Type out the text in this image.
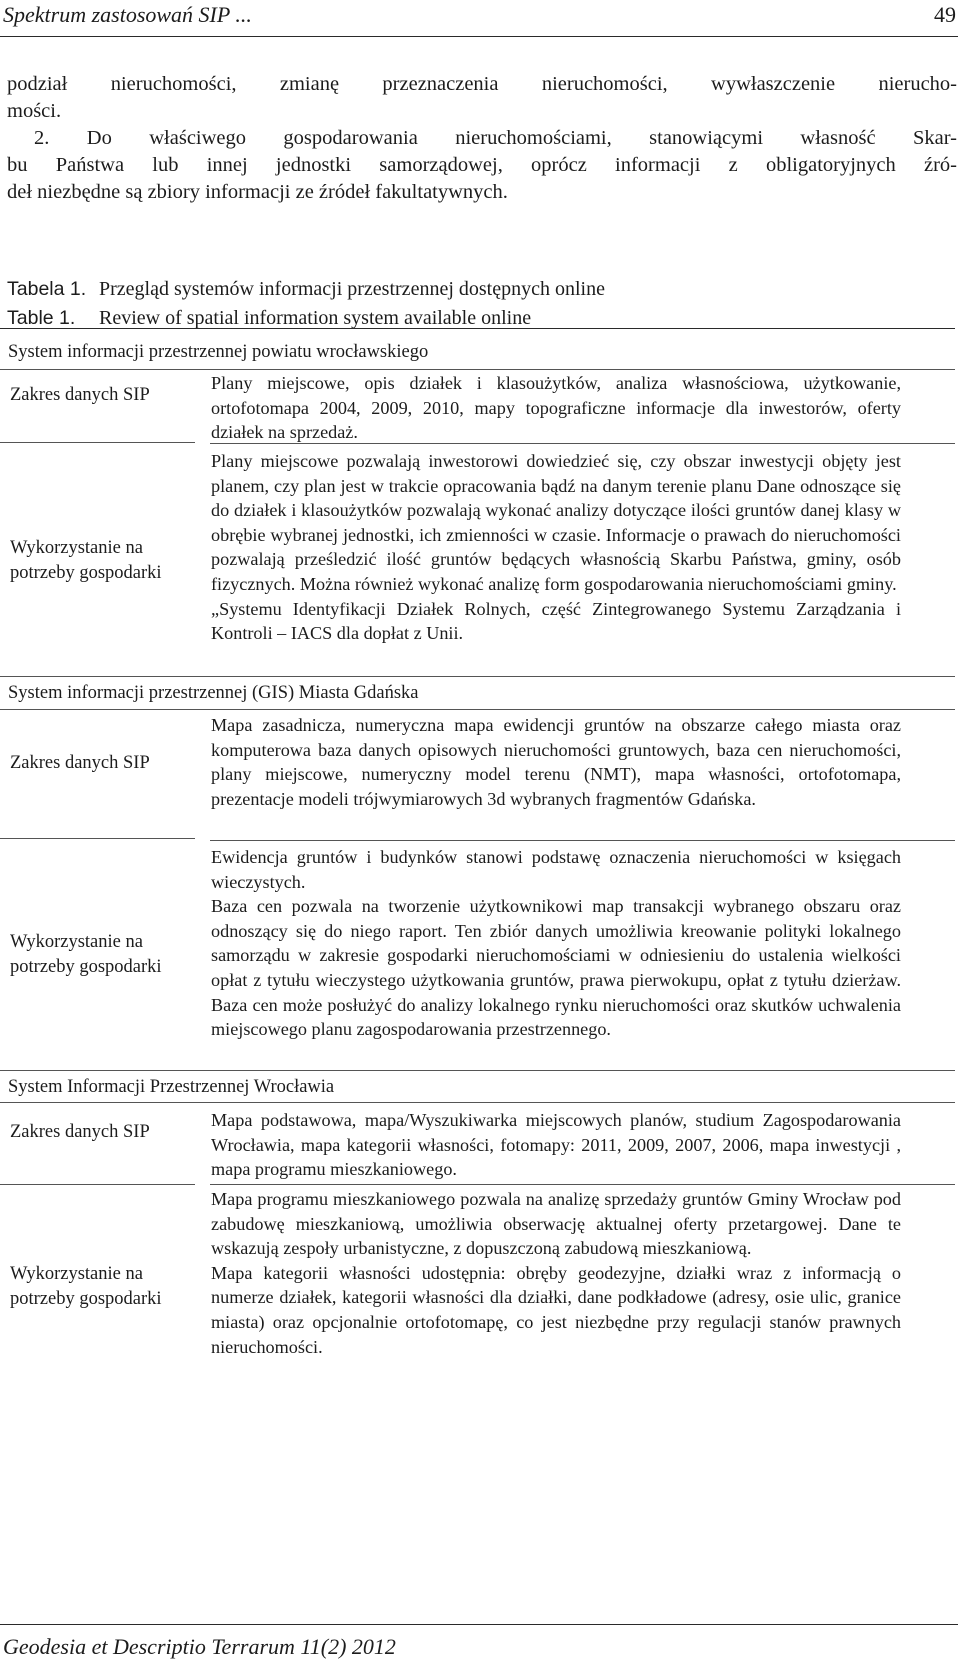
Spektrum zastosowań SIP ...	49

podział nieruchomości, zmianę przeznaczenia nieruchomości, wywłaszczenie nierucho-

mości.

2. Do właściwego gospodarowania nieruchomościami, stanowiącymi własność Skar-

bu Państwa lub innej jednostki samorządowej, oprócz informacji z obligatoryjnych źró-

deł niezbędne są zbiory informacji ze źródeł fakultatywnych.

Tabela 1. Przegląd systemów informacji przestrzennej dostępnych online
Table 1. Review of spatial information system available online
System informacji przestrzennej powiatu wrocławskiego
Zakres danych SIP
Plany miejscowe, opis działek i klasoużytków, analiza własnościowa, użytkowanie, ortofotomapa 2004, 2009, 2010, mapy topograficzne informacje dla inwestorów, oferty działek na sprzedaż.
Wykorzystanie na potrzeby gospodarki

Plany miejscowe pozwalają inwestorowi dowiedzieć się, czy obszar inwestycji objęty jest planem, czy plan jest w trakcie opracowania bądź na danym terenie planu Dane odnoszące się do działek i klasoużytków pozwalają wykonać analizy dotyczące ilości gruntów danej klasy w obrębie wybranej jednostki, ich zmienności w czasie. Informacje o prawach do nieruchomości pozwalają prześledzić ilość gruntów będących własnością Skarbu Państwa, gminy, osób fizycznych. Można również wykonać analizę form gospodarowania nieruchomościami gminy.

„Systemu Identyfikacji Działek Rolnych, część Zintegrowanego Systemu Zarządzania i Kontroli – IACS dla dopłat z Unii.

System informacji przestrzennej (GIS) Miasta Gdańska
Zakres danych SIP
Mapa zasadnicza, numeryczna mapa ewidencji gruntów na obszarze całego miasta oraz komputerowa baza danych opisowych nieruchomości gruntowych, baza cen nieruchomości, plany miejscowe, numeryczny model terenu (NMT), mapa własności, ortofotomapa, prezentacje modeli trójwymiarowych 3d wybranych fragmentów Gdańska.
Wykorzystanie na potrzeby gospodarki

Ewidencja gruntów i budynków stanowi podstawę oznaczenia nieruchomości w księgach wieczystych.

Baza cen pozwala na tworzenie użytkownikowi map transakcji wybranego obszaru oraz odnoszący się do niego raport. Ten zbiór danych umożliwia kreowanie polityki lokalnego samorządu w zakresie gospodarki nieruchomościami w odniesieniu do ustalenia wielkości opłat z tytułu wieczystego użytkowania gruntów, prawa pierwokupu, opłat z tytułu dzierżaw. Baza cen może posłużyć do analizy lokalnego rynku nieruchomości oraz skutków uchwalenia miejscowego planu zagospodarowania przestrzennego.

System Informacji Przestrzennej Wrocławia
Zakres danych SIP
Mapa podstawowa, mapa/Wyszukiwarka miejscowych planów, studium Zagospodarowania Wrocławia, mapa kategorii własności, fotomapy: 2011, 2009, 2007, 2006, mapa inwestycji , mapa programu mieszkaniowego.
Wykorzystanie na potrzeby gospodarki

Mapa programu mieszkaniowego pozwala na analizę sprzedaży gruntów Gminy Wrocław pod zabudowę mieszkaniową, umożliwia obserwację aktualnej oferty przetargowej. Dane te wskazują zespoły urbanistyczne, z dopuszczoną zabudową mieszkaniową.

Mapa kategorii własności udostępnia: obręby geodezyjne, działki wraz z informacją o numerze działek, kategorii własności dla działki, dane podkładowe (adresy, osie ulic, granice miasta) oraz opcjonalnie ortofotomapę, co jest niezbędne przy regulacji stanów prawnych nieruchomości.

Geodesia et Descriptio Terrarum 11(2) 2012
